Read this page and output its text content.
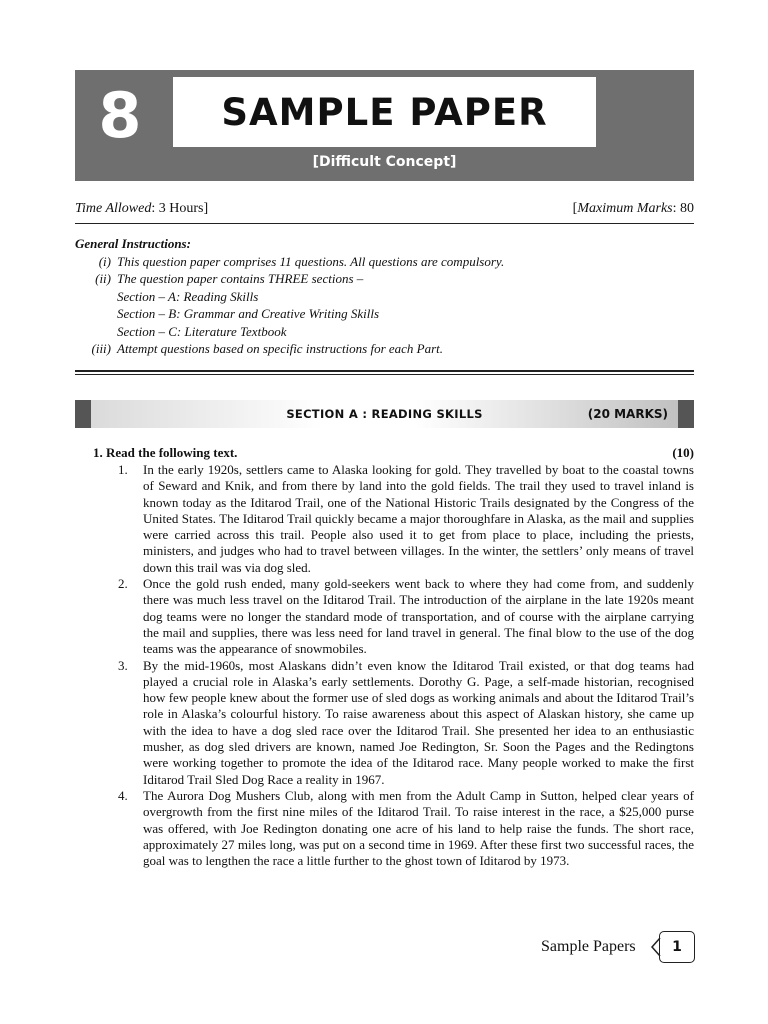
8 SAMPLE PAPER
[Difficult Concept]
Time Allowed: 3 Hours]	[Maximum Marks: 80
General Instructions:
(i) This question paper comprises 11 questions. All questions are compulsory.
(ii) The question paper contains THREE sections –
Section – A: Reading Skills
Section – B: Grammar and Creative Writing Skills
Section – C: Literature Textbook
(iii) Attempt questions based on specific instructions for each Part.
SECTION A : READING SKILLS	(20 MARKS)
1. Read the following text.	(10)
1. In the early 1920s, settlers came to Alaska looking for gold. They travelled by boat to the coastal towns of Seward and Knik, and from there by land into the gold fields. The trail they used to travel inland is known today as the Iditarod Trail, one of the National Historic Trails designated by the Congress of the United States. The Iditarod Trail quickly became a major thoroughfare in Alaska, as the mail and supplies were carried across this trail. People also used it to get from place to place, including the priests, ministers, and judges who had to travel between villages. In the winter, the settlers’ only means of travel down this trail was via dog sled.
2. Once the gold rush ended, many gold-seekers went back to where they had come from, and suddenly there was much less travel on the Iditarod Trail. The introduction of the airplane in the late 1920s meant dog teams were no longer the standard mode of transportation, and of course with the airplane carrying the mail and supplies, there was less need for land travel in general. The final blow to the use of the dog teams was the appearance of snowmobiles.
3. By the mid-1960s, most Alaskans didn’t even know the Iditarod Trail existed, or that dog teams had played a crucial role in Alaska’s early settlements. Dorothy G. Page, a self-made historian, recognised how few people knew about the former use of sled dogs as working animals and about the Iditarod Trail’s role in Alaska’s colourful history. To raise awareness about this aspect of Alaskan history, she came up with the idea to have a dog sled race over the Iditarod Trail. She presented her idea to an enthusiastic musher, as dog sled drivers are known, named Joe Redington, Sr. Soon the Pages and the Redingtons were working together to promote the idea of the Iditarod race. Many people worked to make the first Iditarod Trail Sled Dog Race a reality in 1967.
4. The Aurora Dog Mushers Club, along with men from the Adult Camp in Sutton, helped clear years of overgrowth from the first nine miles of the Iditarod Trail. To raise interest in the race, a $25,000 purse was offered, with Joe Redington donating one acre of his land to help raise the funds. The short race, approximately 27 miles long, was put on a second time in 1969. After these first two successful races, the goal was to lengthen the race a little further to the ghost town of Iditarod by 1973.
Sample Papers	1
